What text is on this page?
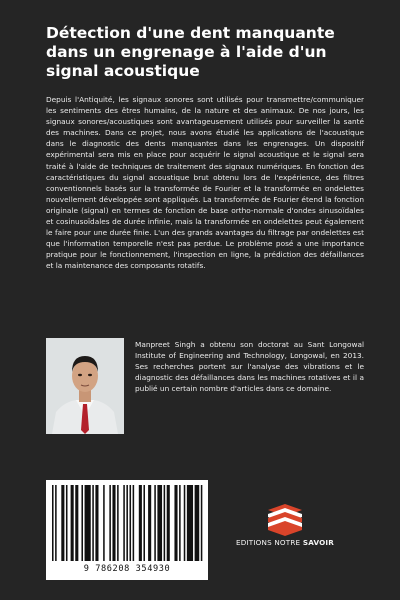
Détection d'une dent manquante dans un engrenage à l'aide d'un signal acoustique

Depuis l'Antiquité, les signaux sonores sont utilisés pour transmettre/communiquer les sentiments des êtres humains, de la nature et des animaux. De nos jours, les signaux sonores/acoustiques sont avantageusement utilisés pour surveiller la santé des machines. Dans ce projet, nous avons étudié les applications de l'acoustique dans le diagnostic des dents manquantes dans les engrenages. Un dispositif expérimental sera mis en place pour acquérir le signal acoustique et le signal sera traité à l'aide de techniques de traitement des signaux numériques. En fonction des caractéristiques du signal acoustique brut obtenu lors de l'expérience, des filtres conventionnels basés sur la transformée de Fourier et la transformée en ondelettes nouvellement développée sont appliqués. La transformée de Fourier étend la fonction originale (signal) en termes de fonction de base ortho-normale d'ondes sinusoïdales et cosinusoïdales de durée infinie, mais la transformée en ondelettes peut également le faire pour une durée finie. L'un des grands avantages du filtrage par ondelettes est que l'information temporelle n'est pas perdue. Le problème posé a une importance pratique pour le fonctionnement, l'inspection en ligne, la prédiction des défaillances et la maintenance des composants rotatifs.

Manpreet Singh a obtenu son doctorat au Sant Longowal Institute of Engineering and Technology, Longowal, en 2013. Ses recherches portent sur l'analyse des vibrations et le diagnostic des défaillances dans les machines rotatives et il a publié un certain nombre d'articles dans ce domaine.

9 786208 354930
EDITIONS NOTRE SAVOIR
